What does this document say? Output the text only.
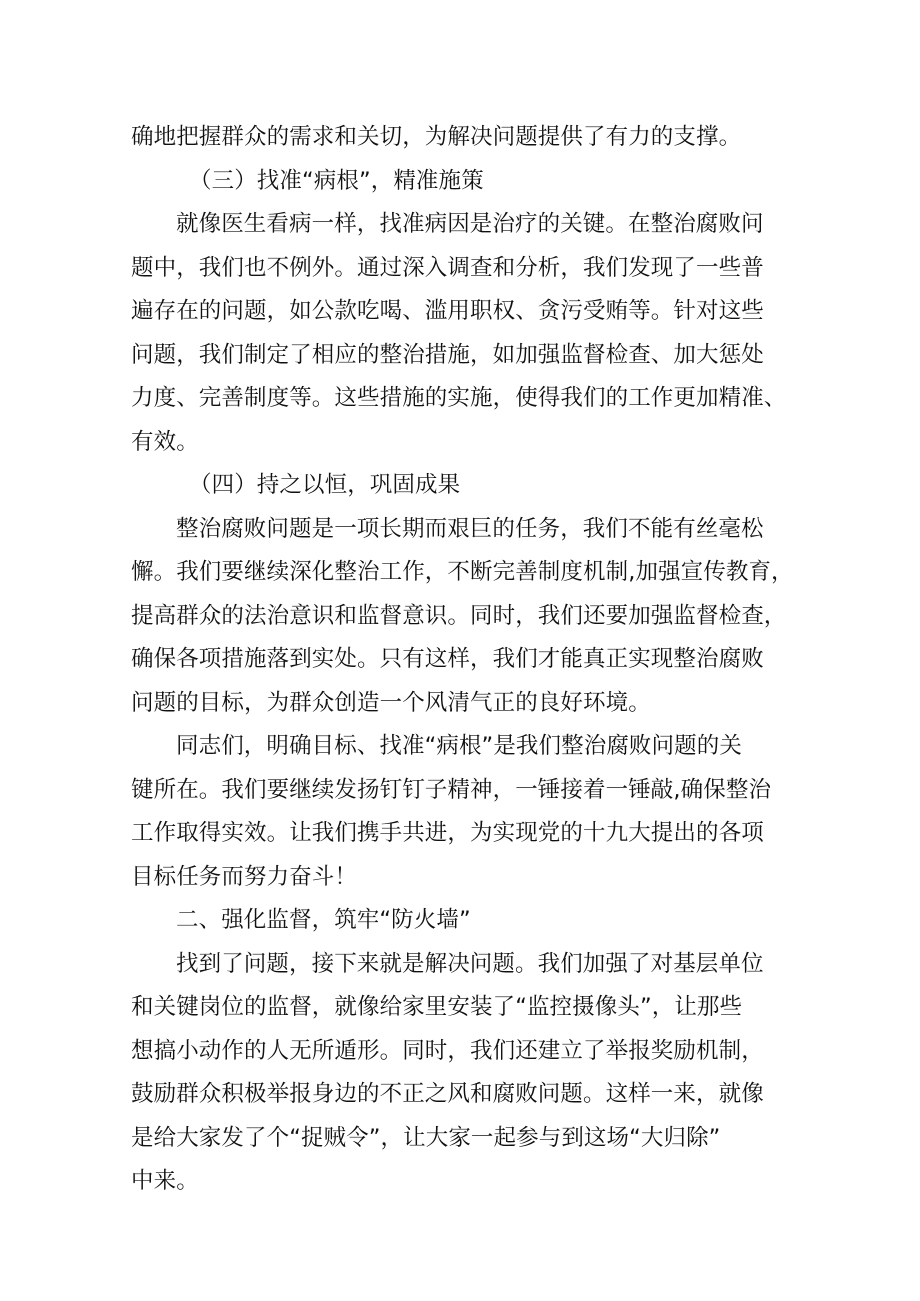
确地把握群众的需求和关切，为解决问题提供了有力的支撑。
（三）找准“病根”，精准施策
就像医生看病一样，找准病因是治疗的关键。在整治腐败问
题中，我们也不例外。通过深入调查和分析，我们发现了一些普
遍存在的问题，如公款吃喝、滥用职权、贪污受贿等。针对这些
问题，我们制定了相应的整治措施，如加强监督检查、加大惩处
力度、完善制度等。这些措施的实施，使得我们的工作更加精准、
有效。
（四）持之以恒，巩固成果
整治腐败问题是一项长期而艰巨的任务，我们不能有丝毫松
懈。我们要继续深化整治工作，不断完善制度机制,加强宣传教育，
提高群众的法治意识和监督意识。同时，我们还要加强监督检查，
确保各项措施落到实处。只有这样，我们才能真正实现整治腐败
问题的目标，为群众创造一个风清气正的良好环境。
同志们，明确目标、找准“病根”是我们整治腐败问题的关
键所在。我们要继续发扬钉钉子精神，一锤接着一锤敲,确保整治
工作取得实效。让我们携手共进，为实现党的十九大提出的各项
目标任务而努力奋斗！
二、强化监督，筑牢“防火墙”
找到了问题，接下来就是解决问题。我们加强了对基层单位
和关键岗位的监督，就像给家里安装了“监控摄像头”，让那些
想搞小动作的人无所遁形。同时，我们还建立了举报奖励机制，
鼓励群众积极举报身边的不正之风和腐败问题。这样一来，就像
是给大家发了个“捉贼令”，让大家一起参与到这场“大归除”
中来。
